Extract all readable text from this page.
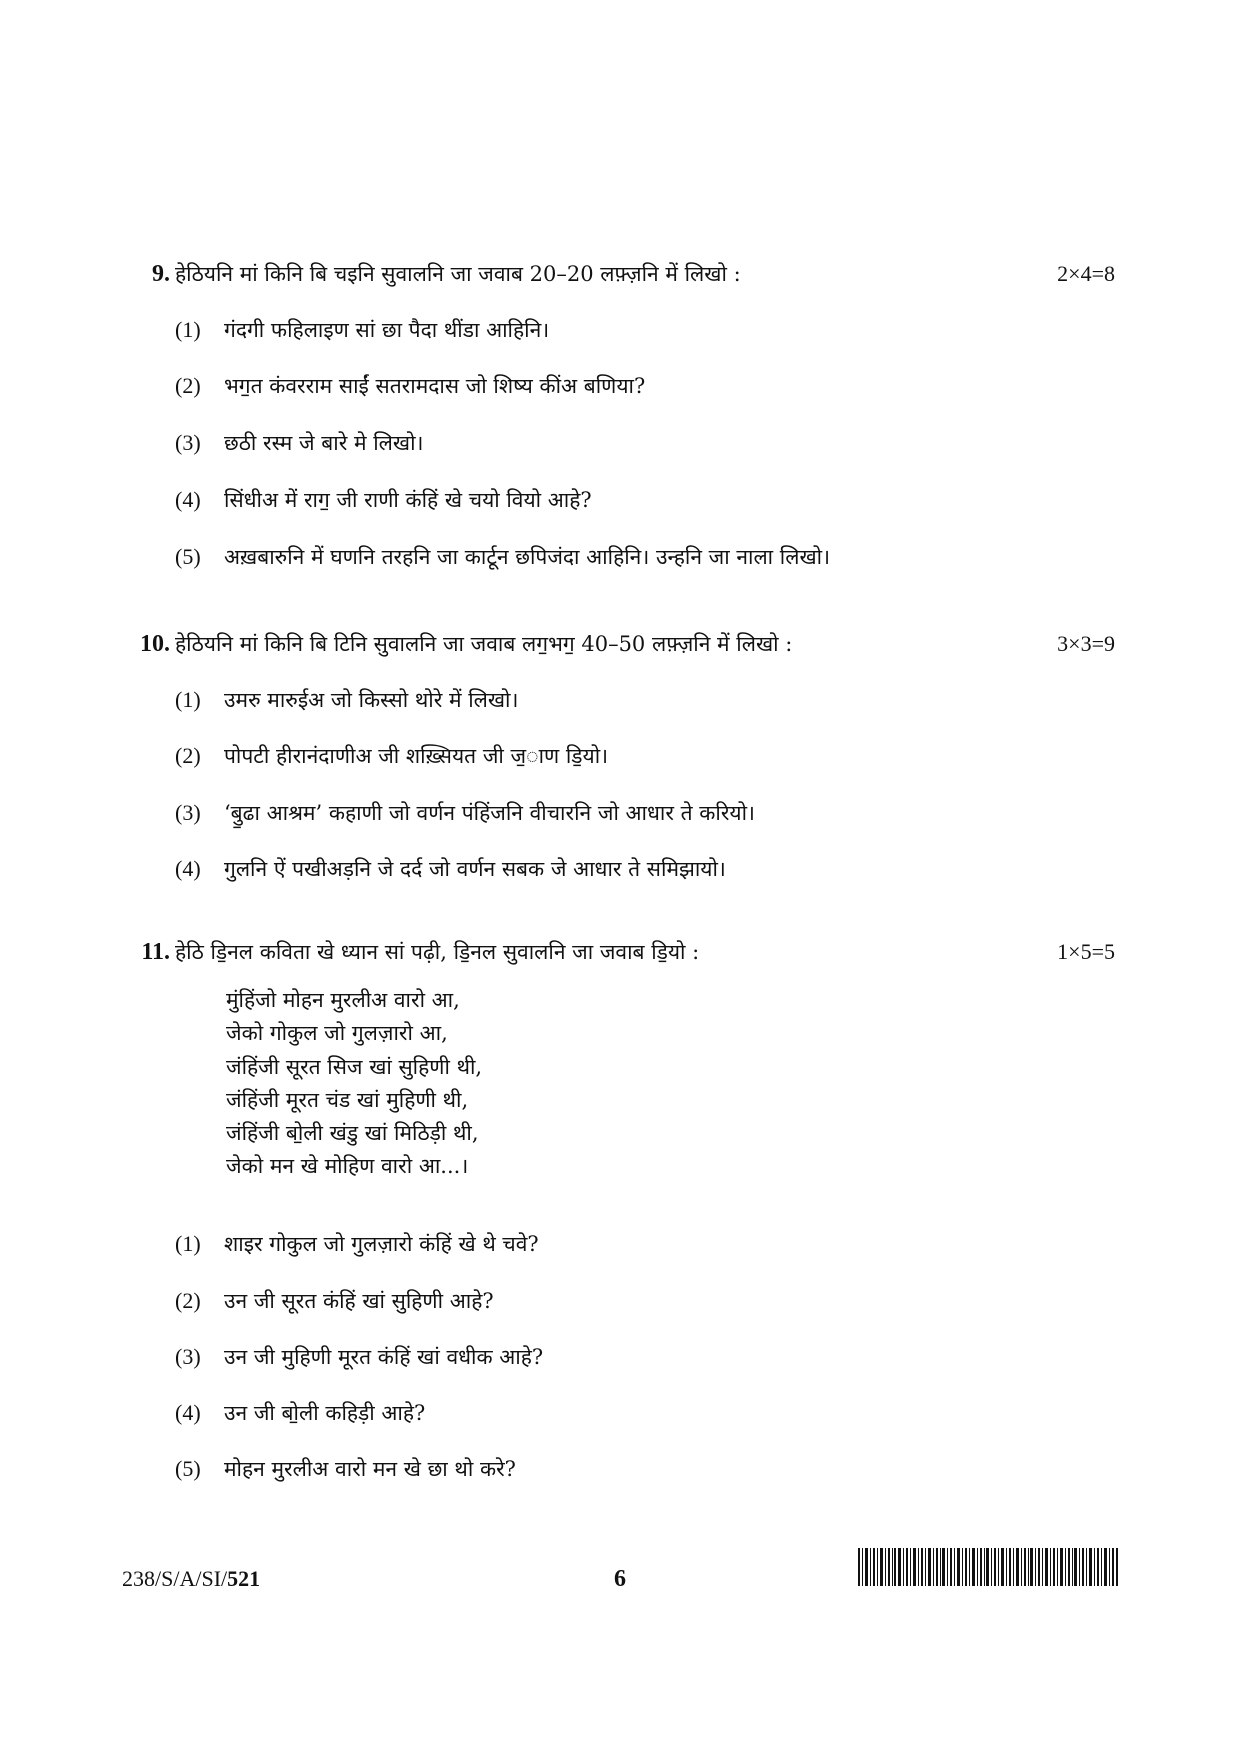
9. हेठियनि मां किनि बि चइनि सुवालनि जा जवाब 20–20 लफ़्ज़नि में लिखो :	2×4=8
(1) गंदगी फहिलाइण सां छा पैदा थींडा आहिनि।
(2) भग॒त कंवरराम साईं सतरामदास जो शिष्य कींअ बणिया?
(3) छठी रस्म जे बारे मे लिखो।
(4) सिंधीअ में राग॒ जी राणी कंहिं खे चयो वियो आहे?
(5) अख़बारुनि में घणनि तरहनि जा कार्टून छपिजंदा आहिनि। उन्हनि जा नाला लिखो।
10. हेठियनि मां किनि बि टिनि सुवालनि जा जवाब लग॒भग॒ 40–50 लफ़्ज़नि में लिखो :	3×3=9
(1) उमरु मारुईअ जो किस्सो थोरे में लिखो।
(2) पोपटी हीरानंदाणीअ जी शख़्सियत जी ज॒ाण डि॒यो।
(3) ‘बु॒ढा आश्रम’ कहाणी जो वर्णन पंहिंजनि वीचारनि जो आधार ते करियो।
(4) गुलनि ऐं पखीअड़नि जे दर्द जो वर्णन सबक जे आधार ते समिझायो।
11. हेठि डि॒नल कविता खे ध्यान सां पढ़ी, डि॒नल सुवालनि जा जवाब डि॒यो :	1×5=5
मुंहिंजो मोहन मुरलीअ वारो आ,
जेको गोकुल जो गुलज़ारो आ,
जंहिंजी सूरत सिज खां सुहिणी थी,
जंहिंजी मूरत चंड खां मुहिणी थी,
जंहिंजी बो॒ली खंडु खां मिठिड़ी थी,
जेको मन खे मोहिण वारो आ...।
(1) शाइर गोकुल जो गुलज़ारो कंहिं खे थे चवे?
(2) उन जी सूरत कंहिं खां सुहिणी आहे?
(3) उन जी मुहिणी मूरत कंहिं खां वधीक आहे?
(4) उन जी बो॒ली कहिड़ी आहे?
(5) मोहन मुरलीअ वारो मन खे छा थो करे?
238/S/A/SI/521	6
